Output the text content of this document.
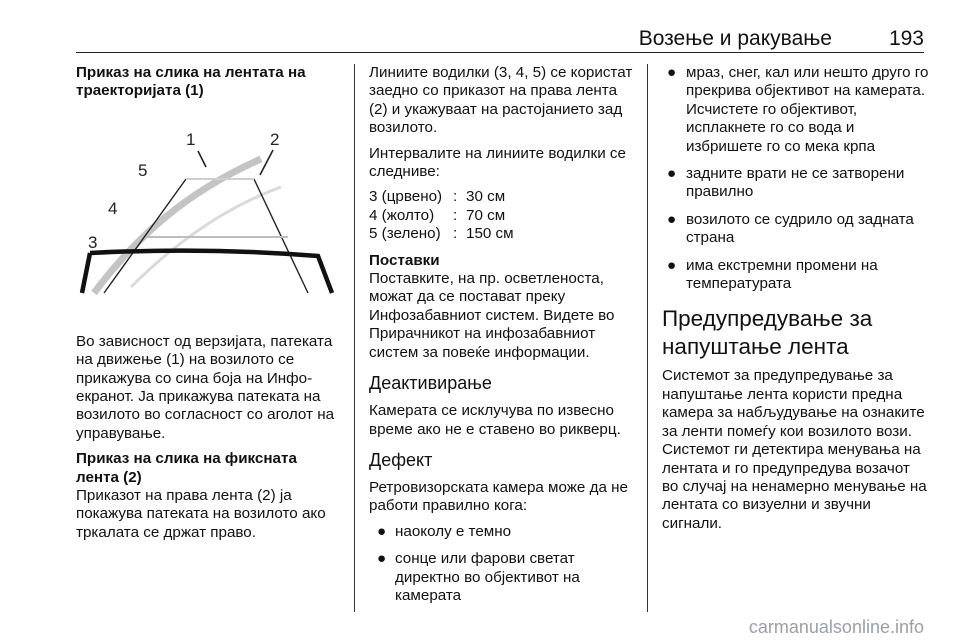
Возење и ракување	193
Приказ на слика на лентата на траекторијата (1)
1	2
3
4
5
Во зависност од верзијата, патеката на движење (1) на возилото се прикажува со сина боја на Инфо-екранот. Ја прикажува патеката на возилото во согласност со аголот на управување.
Приказ на слика на фиксната лента (2)
Приказот на права лента (2) ја покажува патеката на возилото ако тркалата се држат право.
Линиите водилки (3, 4, 5) се користат заедно со приказот на права лента (2) и укажуваат на растојанието зад возилото.
Интервалите на линиите водилки се следниве:
3 (црвено) : 30 см
4 (жолто)	: 70 см
5 (зелено) : 150 см
Поставки
Поставките, на пр. осветленоста, можат да се постават преку Инфозабавниот систем. Видете во Прирачникот на инфозабавниот систем за повеќе информации.
Деактивирање
Камерата се исклучува по извесно време ако не е ставено во рикверц.
Дефект
Ретровизорската камера може да не работи правилно кога:
● наоколу е темно
● сонце или фарови светат директно во објективот на камерата
● мраз, снег, кал или нешто друго го прекрива објективот на камерата. Исчистете го објективот, исплакнете го со вода и избришете го со мека крпа
● задните врати не се затворени правилно
● возилото се судрило од задната страна
● има екстремни промени на температурата
Предупредување за напуштање лента
Системот за предупредување за напуштање лента користи предна камера за набљудување на ознаките за ленти помеѓу кои возилото вози. Системот ги детектира менувања на лентата и го предупредува возачот во случај на ненамерно менување на лентата со визуелни и звучни сигнали.
carmanualsonline.info
